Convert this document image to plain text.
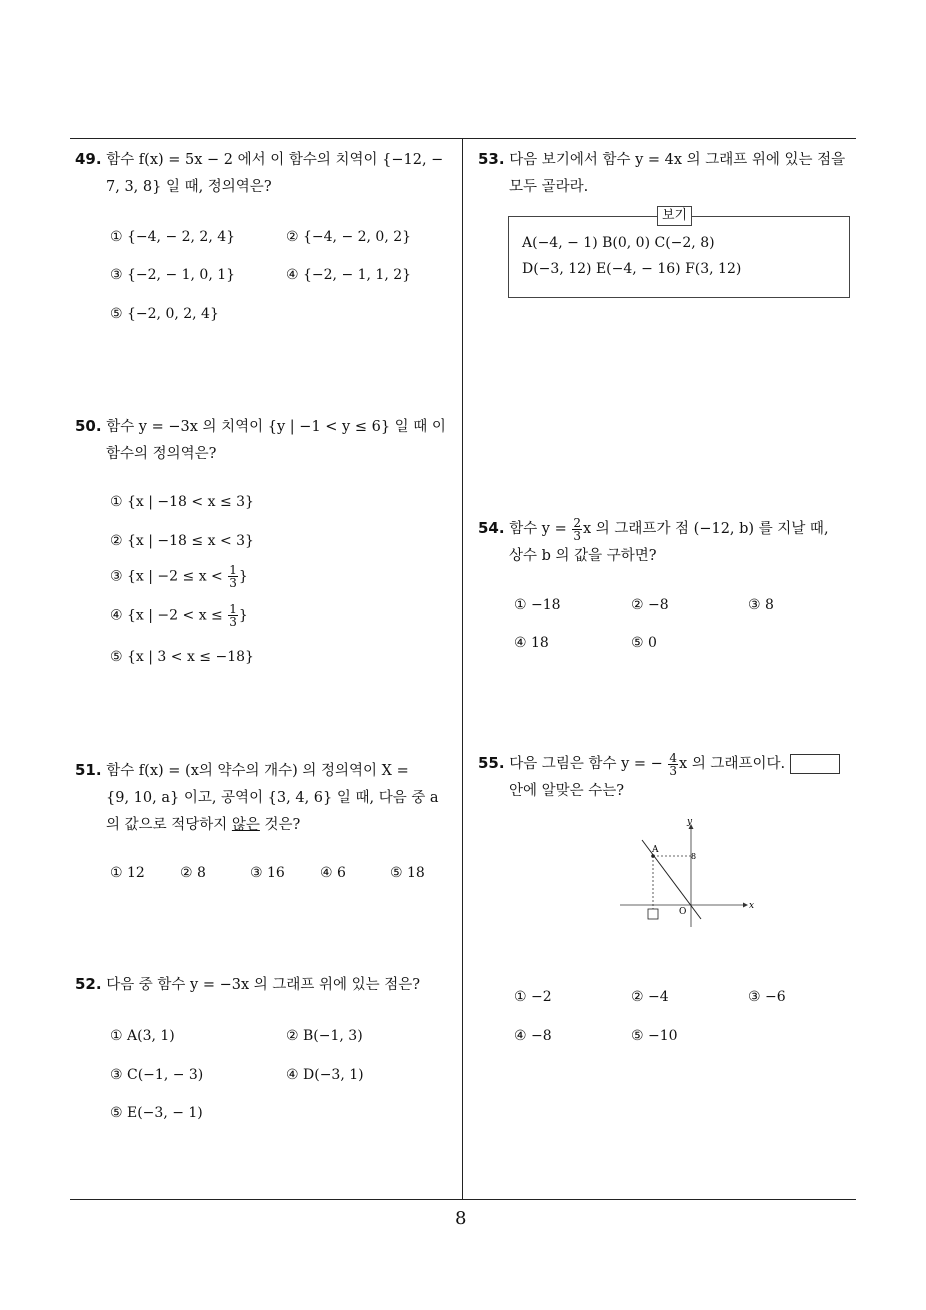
8
49. 함수 f(x) = 5x − 2 에서 이 함수의 치역이 {−12, −
7, 3, 8} 일 때, 정의역은?
① {−4, − 2, 2, 4}	② {−4, − 2, 0, 2}
③ {−2, − 1, 0, 1}	④ {−2, − 1, 1, 2}
⑤ {−2, 0, 2, 4}
50. 함수 y = −3x 의 치역이 {y | −1 < y ≤ 6} 일 때 이
함수의 정의역은?
① {x | −18 < x ≤ 3}
② {x | −18 ≤ x < 3}
③ {x | $-2 \le x < \frac{1}{3}$ }
④ {x | $-2 < x \le \frac{1}{3}$ }
⑤ {x | 3 < x ≤ −18}
51. 함수 f(x) = (x의 약수의 개수) 의 정의역이 X =
{9, 10, a} 이고, 공역이 {3, 4, 6} 일 때, 다음 중 a
의 값으로 적당하지 않은 것은?
① 12	② 8	③ 16	④ 6	⑤ 18
52. 다음 중 함수 y = −3x 의 그래프 위에 있는 점은?
① A(3, 1)	② B(−1, 3)
③ C(−1, − 3)	④ D(−3, 1)
⑤ E(−3, − 1)
53. 다음 보기에서 함수 y = 4x 의 그래프 위에 있는 점을
모두 골라라.
보기
A(−4, − 1) B(0, 0) C(−2, 8)
D(−3, 12) E(−4, − 16) F(3, 12)
54. 함수 $y = \frac{2}{3}$ x 의 그래프가 점 (−12, b) 를 지날 때,
상수 b 의 값을 구하면?
① −18	② −8	③ 8
④ 18	⑤ 0
55. 다음 그림은 함수 y = − $\frac{4}{3}$ x 의 그래프이다.
안에 알맞은 수는?
y
x
A
8
O
① −2	② −4	③ −6
④ −8	⑤ −10
